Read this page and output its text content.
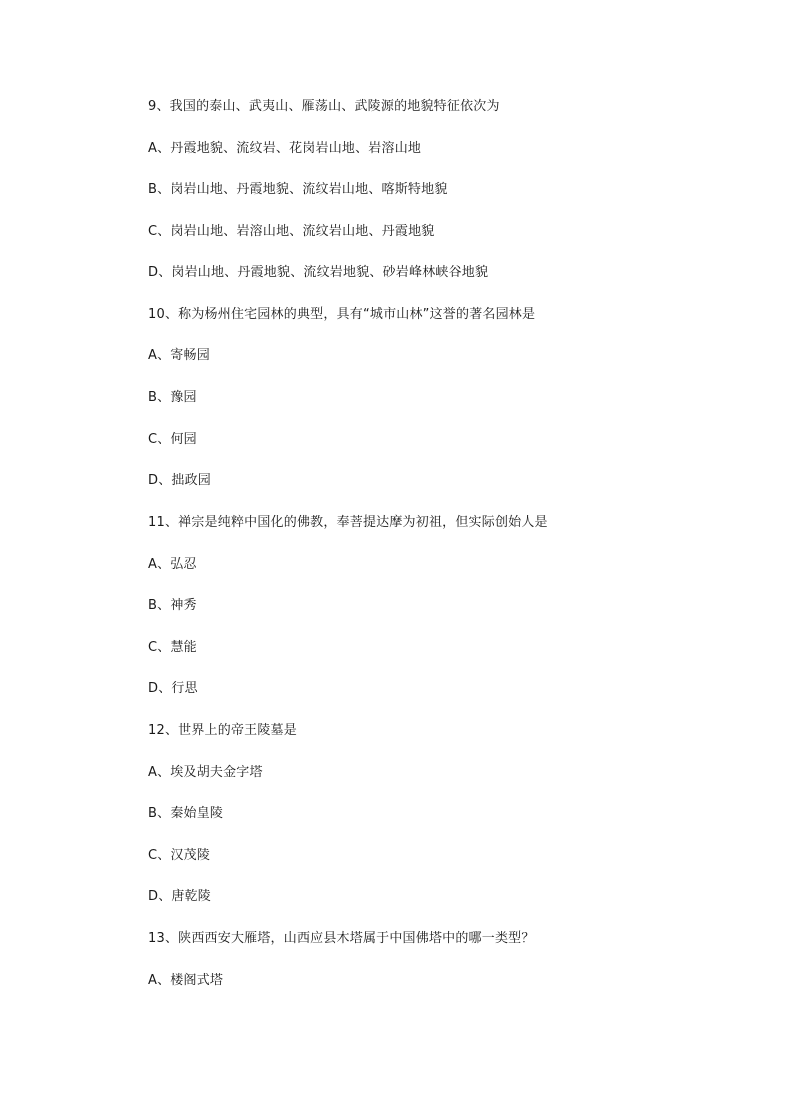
9、我国的泰山、武夷山、雁荡山、武陵源的地貌特征依次为
A、丹霞地貌、流纹岩、花岗岩山地、岩溶山地
B、岗岩山地、丹霞地貌、流纹岩山地、喀斯特地貌
C、岗岩山地、岩溶山地、流纹岩山地、丹霞地貌
D、岗岩山地、丹霞地貌、流纹岩地貌、砂岩峰林峡谷地貌
10、称为杨州住宅园林的典型，具有“城市山林”这誉的著名园林是
A、寄畅园
B、豫园
C、何园
D、拙政园
11、禅宗是纯粹中国化的佛教，奉菩提达摩为初祖，但实际创始人是
A、弘忍
B、神秀
C、慧能
D、行思
12、世界上的帝王陵墓是
A、埃及胡夫金字塔
B、秦始皇陵
C、汉茂陵
D、唐乾陵
13、陕西西安大雁塔，山西应县木塔属于中国佛塔中的哪一类型？
A、楼阁式塔
